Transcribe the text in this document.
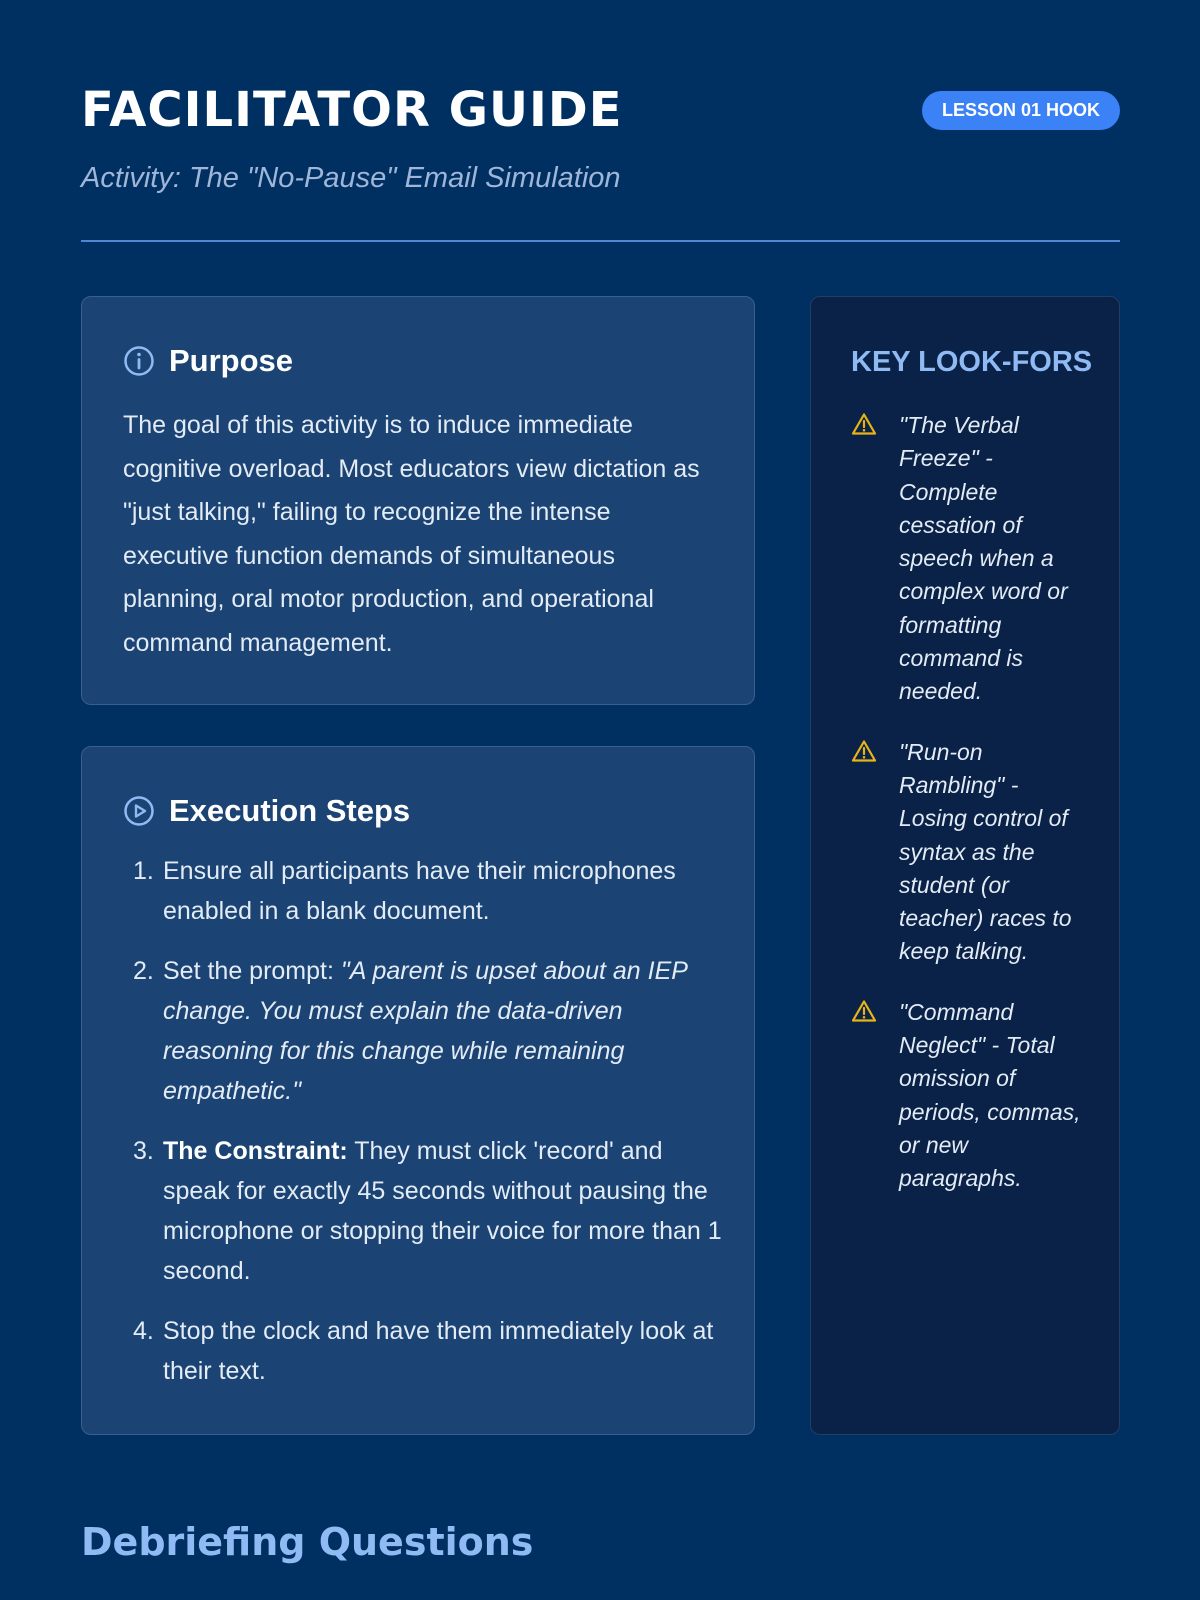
FACILITATOR GUIDE	LESSON 01 HOOK

Activity: The "No-Pause" Email Simulation

Purpose

The goal of this activity is to induce immediate cognitive overload. Most educators view dictation as "just talking," failing to recognize the intense executive function demands of simultaneous planning, oral motor production, and operational command management.

Execution Steps
1. Ensure all participants have their microphones enabled in a blank document.
2. Set the prompt: "A parent is upset about an IEP change. You must explain the data-driven reasoning for this change while remaining empathetic."
3. The Constraint: They must click 'record' and speak for exactly 45 seconds without pausing the microphone or stopping their voice for more than 1 second.
4. Stop the clock and have them immediately look at their text.
KEY LOOK-FORS

"The Verbal Freeze" - Complete cessation of speech when a complex word or formatting command is needed.

"Run-on Rambling" - Losing control of syntax as the student (or teacher) races to keep talking.

"Command Neglect" - Total omission of periods, commas, or new paragraphs.

Debriefing Questions
